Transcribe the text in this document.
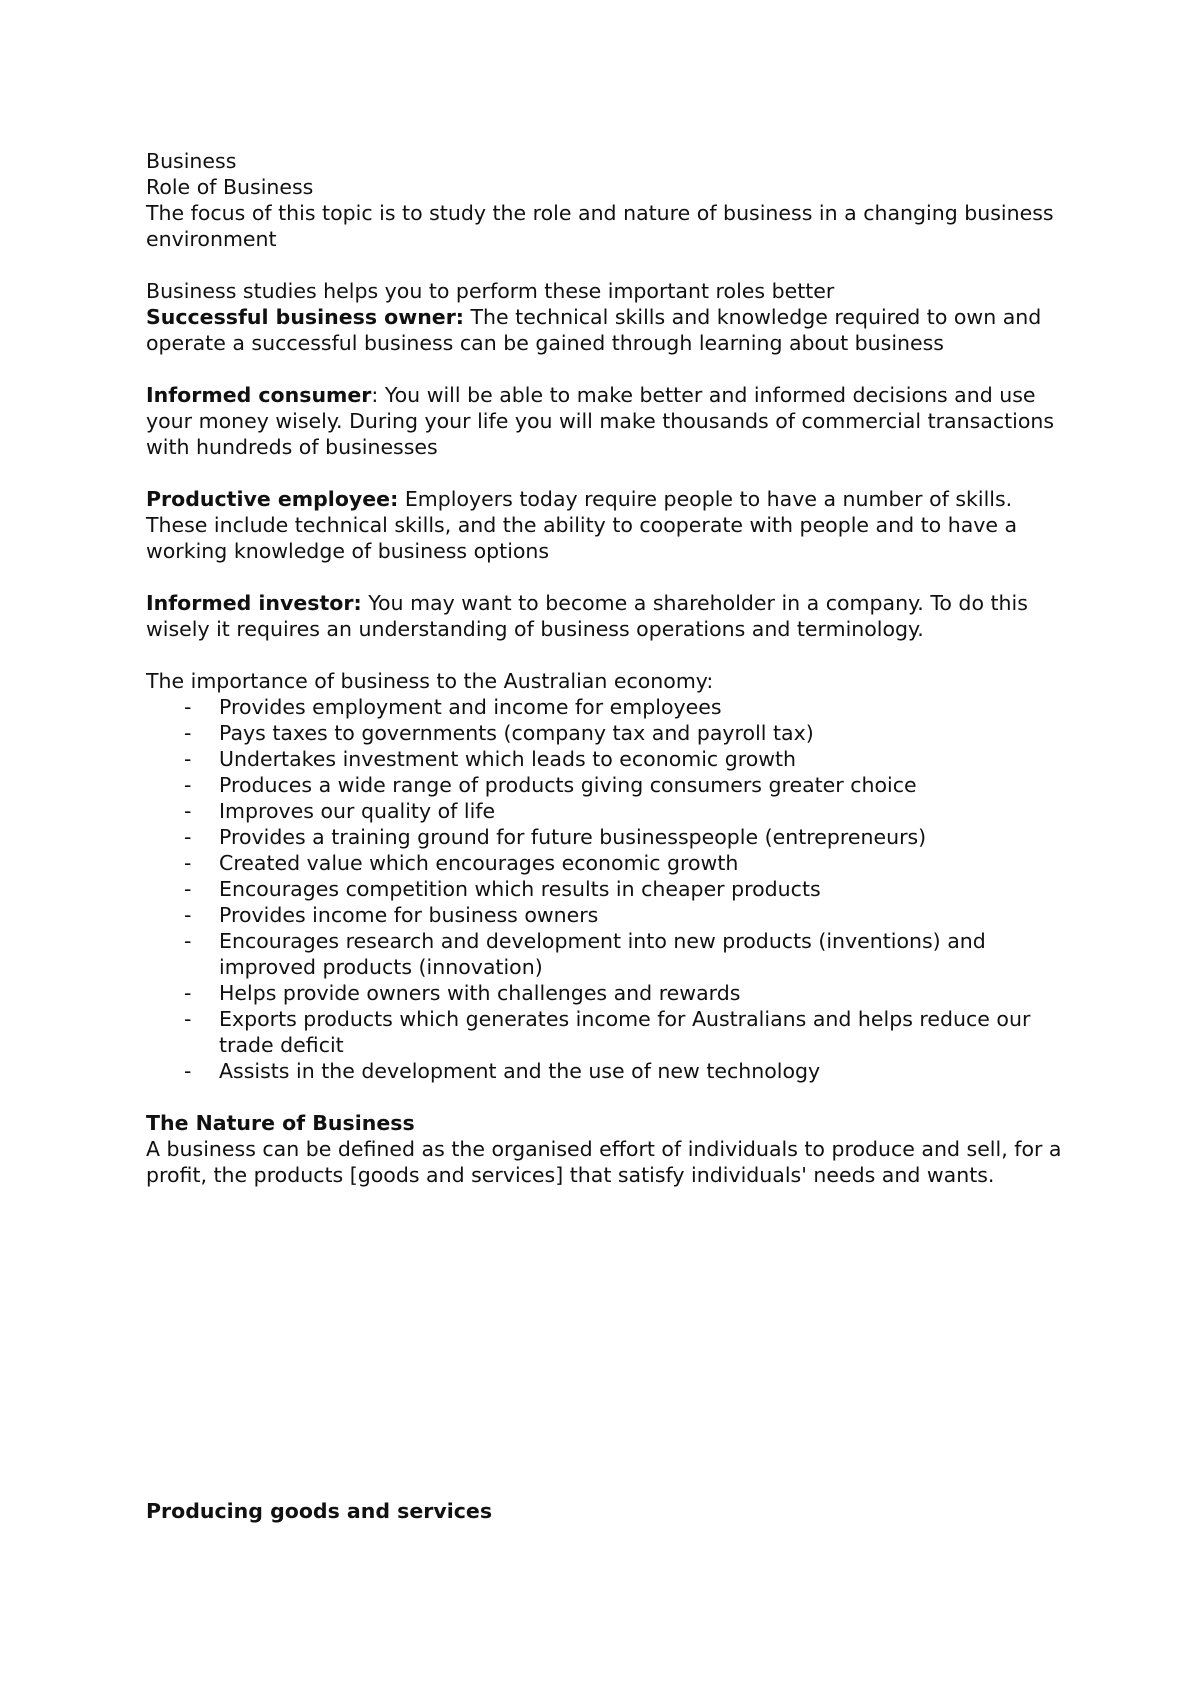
Business

Role of Business

The focus of this topic is to study the role and nature of business in a changing business environment

Business studies helps you to perform these important roles better

Successful business owner: The technical skills and knowledge required to own and operate a successful business can be gained through learning about business

Informed consumer: You will be able to make better and informed decisions and use your money wisely. During your life you will make thousands of commercial transactions with hundreds of businesses

Productive employee: Employers today require people to have a number of skills. These include technical skills, and the ability to cooperate with people and to have a working knowledge of business options

Informed investor: You may want to become a shareholder in a company. To do this wisely it requires an understanding of business operations and terminology.

The importance of business to the Australian economy:

- Provides employment and income for employees
- Pays taxes to governments (company tax and payroll tax)
- Undertakes investment which leads to economic growth
- Produces a wide range of products giving consumers greater choice
- Improves our quality of life
- Provides a training ground for future businesspeople (entrepreneurs)
- Created value which encourages economic growth
- Encourages competition which results in cheaper products
- Provides income for business owners
- Encourages research and development into new products (inventions) and improved products (innovation)
- Helps provide owners with challenges and rewards
- Exports products which generates income for Australians and helps reduce our trade deficit
- Assists in the development and the use of new technology

The Nature of Business

A business can be defined as the organised effort of individuals to produce and sell, for a profit, the products [goods and services] that satisfy individuals' needs and wants.

Producing goods and services
